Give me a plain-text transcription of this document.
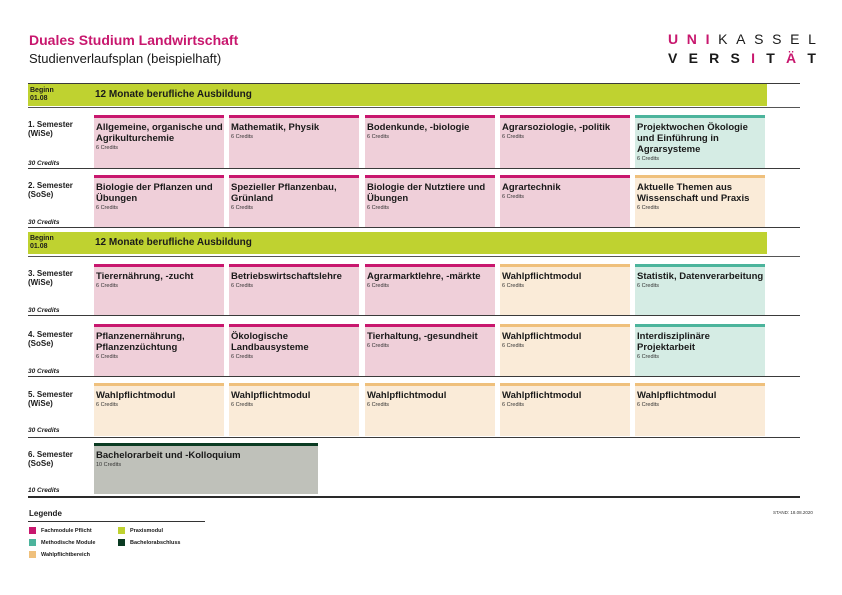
Duales Studium Landwirtschaft
Studienverlaufsplan (beispielhaft)
U N I K A S S E L
V E R S I T Ä T
Beginn
01.08	12 Monate berufliche Ausbildung
1. Semester
(WiSe)
30 Credits
Allgemeine, organische und Agrikulturchemie
6 Credits
Mathematik, Physik
6 Credits
Bodenkunde, -biologie
6 Credits
Agrarsoziologie, -politik
6 Credits
Projektwochen Ökologie und Einführung in Agrarsysteme
6 Credits
2. Semester
(SoSe)
30 Credits
Biologie der Pflanzen und Übungen
6 Credits
Spezieller Pflanzenbau, Grünland
6 Credits
Biologie der Nutztiere und Übungen
6 Credits
Agrartechnik
6 Credits
Aktuelle Themen aus Wissenschaft und Praxis
6 Credits
Beginn
01.08	12 Monate berufliche Ausbildung
3. Semester
(WiSe)
30 Credits
Tierernährung, -zucht
6 Credits
Betriebswirtschaftslehre
6 Credits
Agrarmarktlehre, -märkte
6 Credits
Wahlpflichtmodul
6 Credits
Statistik, Datenverarbeitung
6 Credits
4. Semester
(SoSe)
30 Credits
Pflanzenernährung, Pflanzenzüchtung
6 Credits
Ökologische Landbausysteme
6 Credits
Tierhaltung, -gesundheit
6 Credits
Wahlpflichtmodul
6 Credits
Interdisziplinäre Projektarbeit
6 Credits
5. Semester
(WiSe)
30 Credits
Wahlpflichtmodul
6 Credits
Wahlpflichtmodul
6 Credits
Wahlpflichtmodul
6 Credits
Wahlpflichtmodul
6 Credits
Wahlpflichtmodul
6 Credits
6. Semester
(SoSe)
10 Credits
Bachelorarbeit und -Kolloquium
10 Credits
Legende
Fachmodule Pflicht
Methodische Module
Wahlpflichtbereich
Praxismodul
Bachelorabschluss
STAND: 18.08.2020
